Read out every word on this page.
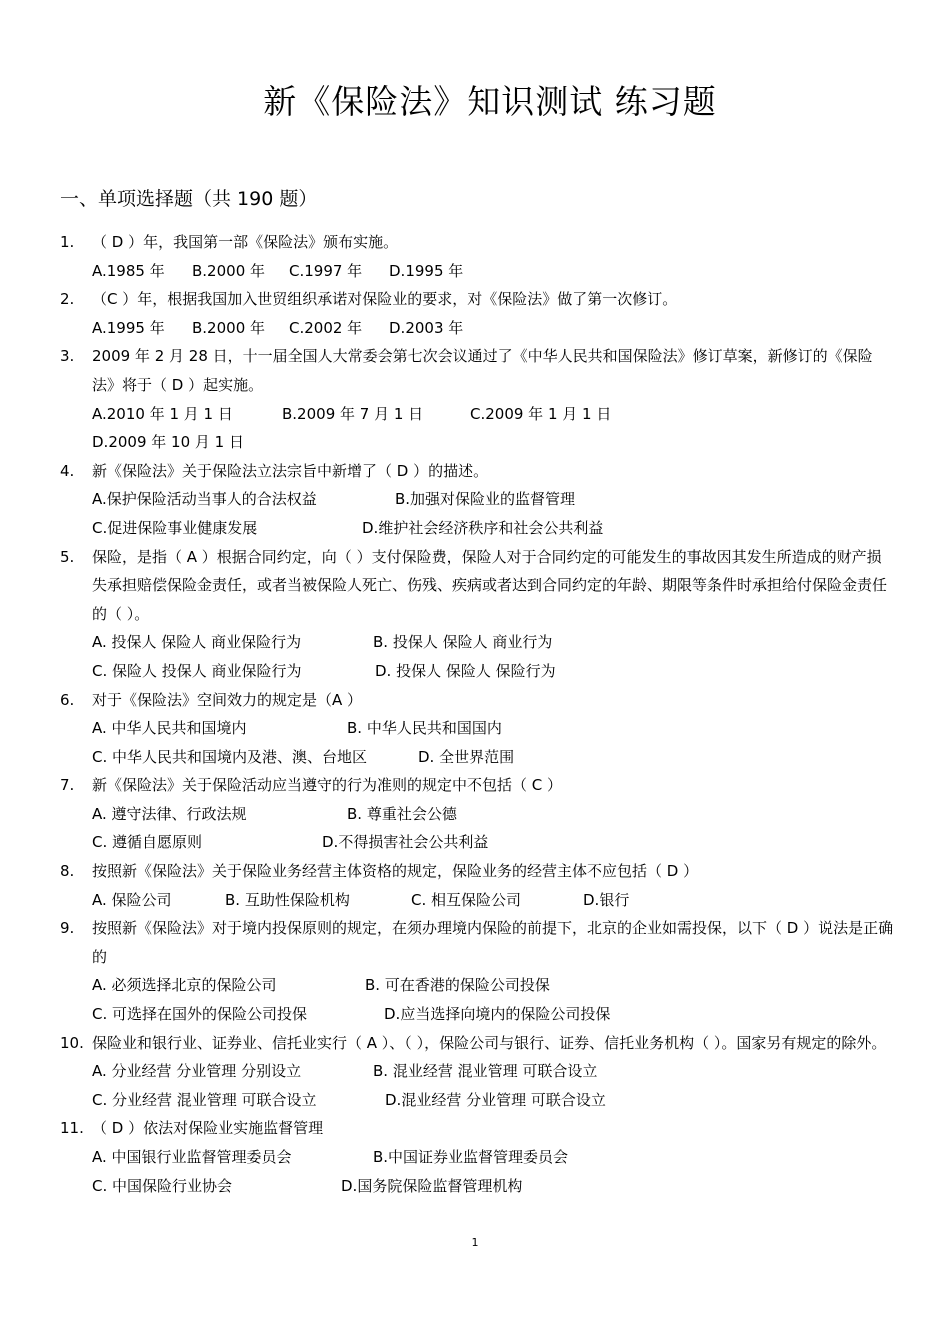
新《保险法》知识测试 练习题
一、单项选择题（共 190 题）
1. （ D ）年，我国第一部《保险法》颁布实施。
A.1985 年 B.2000 年 C.1997 年 D.1995 年
2. （C ）年，根据我国加入世贸组织承诺对保险业的要求，对《保险法》做了第一次修订。
A.1995 年 B.2000 年 C.2002 年 D.2003 年
3. 2009 年 2 月 28 日，十一届全国人大常委会第七次会议通过了《中华人民共和国保险法》修订草案，新修订的《保险法》将于（ D ）起实施。
A.2010 年 1 月 1 日	B.2009 年 7 月 1 日	C.2009 年 1 月 1 日
D.2009 年 10 月 1 日
4. 新《保险法》关于保险法立法宗旨中新增了（ D ）的描述。
A.保护保险活动当事人的合法权益	B.加强对保险业的监督管理
C.促进保险事业健康发展	D.维护社会经济秩序和社会公共利益
5. 保险，是指（ A ）根据合同约定，向（ ）支付保险费，保险人对于合同约定的可能发生的事故因其发生所造成的财产损失承担赔偿保险金责任，或者当被保险人死亡、伤残、疾病或者达到合同约定的年龄、期限等条件时承担给付保险金责任的（ ）。
A. 投保人 保险人 商业保险行为	B. 投保人 保险人 商业行为
C. 保险人 投保人 商业保险行为	D. 投保人 保险人 保险行为
6. 对于《保险法》空间效力的规定是（A ）
A. 中华人民共和国境内	B. 中华人民共和国国内
C. 中华人民共和国境内及港、澳、台地区	D. 全世界范围
7. 新《保险法》关于保险活动应当遵守的行为准则的规定中不包括（ C ）
A. 遵守法律、行政法规	B. 尊重社会公德
C. 遵循自愿原则	D.不得损害社会公共利益
8. 按照新《保险法》关于保险业务经营主体资格的规定，保险业务的经营主体不应包括（ D ）
A. 保险公司	B. 互助性保险机构	C. 相互保险公司	D.银行
9. 按照新《保险法》对于境内投保原则的规定，在须办理境内保险的前提下，北京的企业如需投保，以下（ D ）说法是正确的
A. 必须选择北京的保险公司	B. 可在香港的保险公司投保
C. 可选择在国外的保险公司投保	D.应当选择向境内的保险公司投保
10. 保险业和银行业、证券业、信托业实行（ A ）、（ ），保险公司与银行、证券、信托业务机构（ ）。国家另有规定的除外。
A. 分业经营 分业管理 分别设立	B. 混业经营 混业管理 可联合设立
C. 分业经营 混业管理 可联合设立	D.混业经营 分业管理 可联合设立
11. （ D ）依法对保险业实施监督管理
A. 中国银行业监督管理委员会	B.中国证券业监督管理委员会
C. 中国保险行业协会	D.国务院保险监督管理机构
1
